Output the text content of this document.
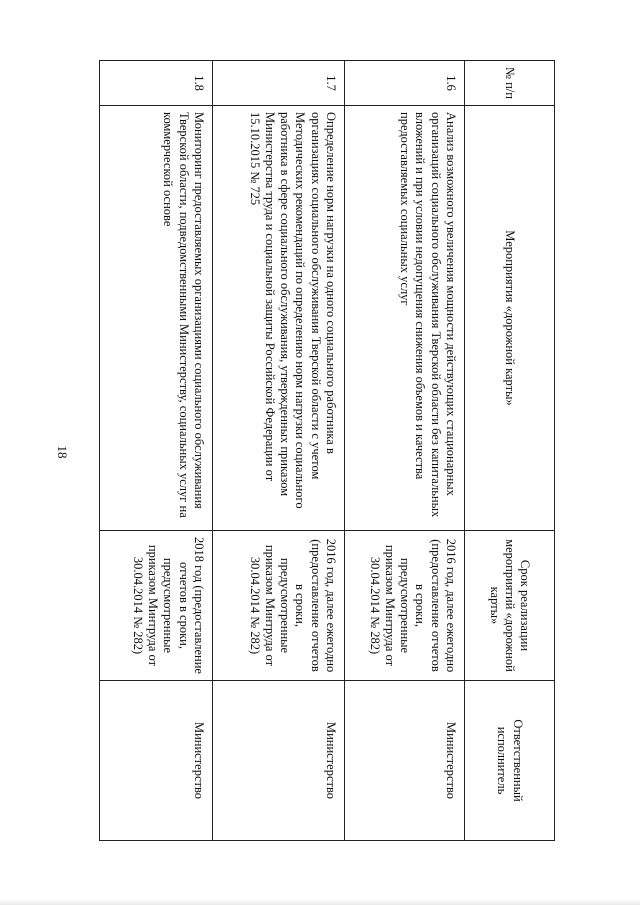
18
№ п/п	Мероприятия «дорожной карты»	Срок реализации мероприятий «дорожной карты»	Ответственный исполнитель
1.6	Анализ возможного увеличения мощности действующих стационарных организаций социального обслуживания Тверской области без капитальных вложений и при условии недопущения снижения объемов и качества предоставляемых социальных услуг	2016 год, далее ежегодно (предоставление отчетов в сроки, предусмотренные приказом Минтруда от 30.04.2014 № 282)	Министерство
1.7	Определение норм нагрузки на одного социального работника в организациях социального обслуживания Тверской области с учетом Методических рекомендаций по определению норм нагрузки социального работника в сфере социального обслуживания, утвержденных приказом Министерства труда и социальной защиты Российской Федерации от 15.10.2015 № 725	2016 год, далее ежегодно (предоставление отчетов в сроки, предусмотренные приказом Минтруда от 30.04.2014 № 282)	Министерство
1.8	Мониторинг предоставляемых организациями социального обслуживания Тверской области, подведомственными Министерству, социальных услуг на коммерческой основе	2018 год (предоставление отчетов в сроки, предусмотренные приказом Минтруда от 30.04.2014 № 282)	Министерство
